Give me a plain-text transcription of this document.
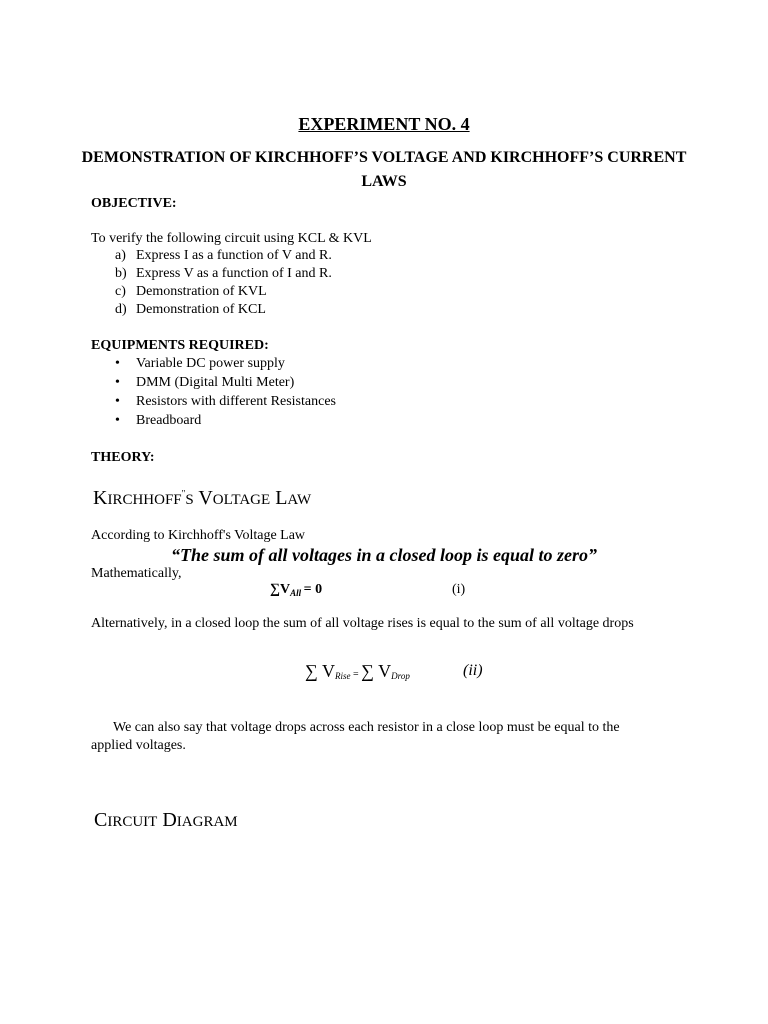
EXPERIMENT NO. 4
DEMONSTRATION OF KIRCHHOFF’S VOLTAGE AND KIRCHHOFF’S CURRENT LAWS
OBJECTIVE:
To verify the following circuit using KCL & KVL
a) Express I as a function of V and R.
b) Express V as a function of I and R.
c) Demonstration of KVL
d) Demonstration of KCL
EQUIPMENTS REQUIRED:
•	Variable DC power supply
•	DMM (Digital Multi Meter)
•	Resistors with different Resistances
•	Breadboard
THEORY:
KIRCHHOFF"S VOLTAGE LAW
According to Kirchhoff's Voltage Law
“The sum of all voltages in a closed loop is equal to zero”
Mathematically,
$\sum V_{All} = 0$	(i)
Alternatively, in a closed loop the sum of all voltage rises is equal to the sum of all voltage drops
∑ VRise = ∑ VDrop	(ii)
We can also say that voltage drops across each resistor in a close loop must be equal to the applied voltages.
CIRCUIT DIAGRAM
